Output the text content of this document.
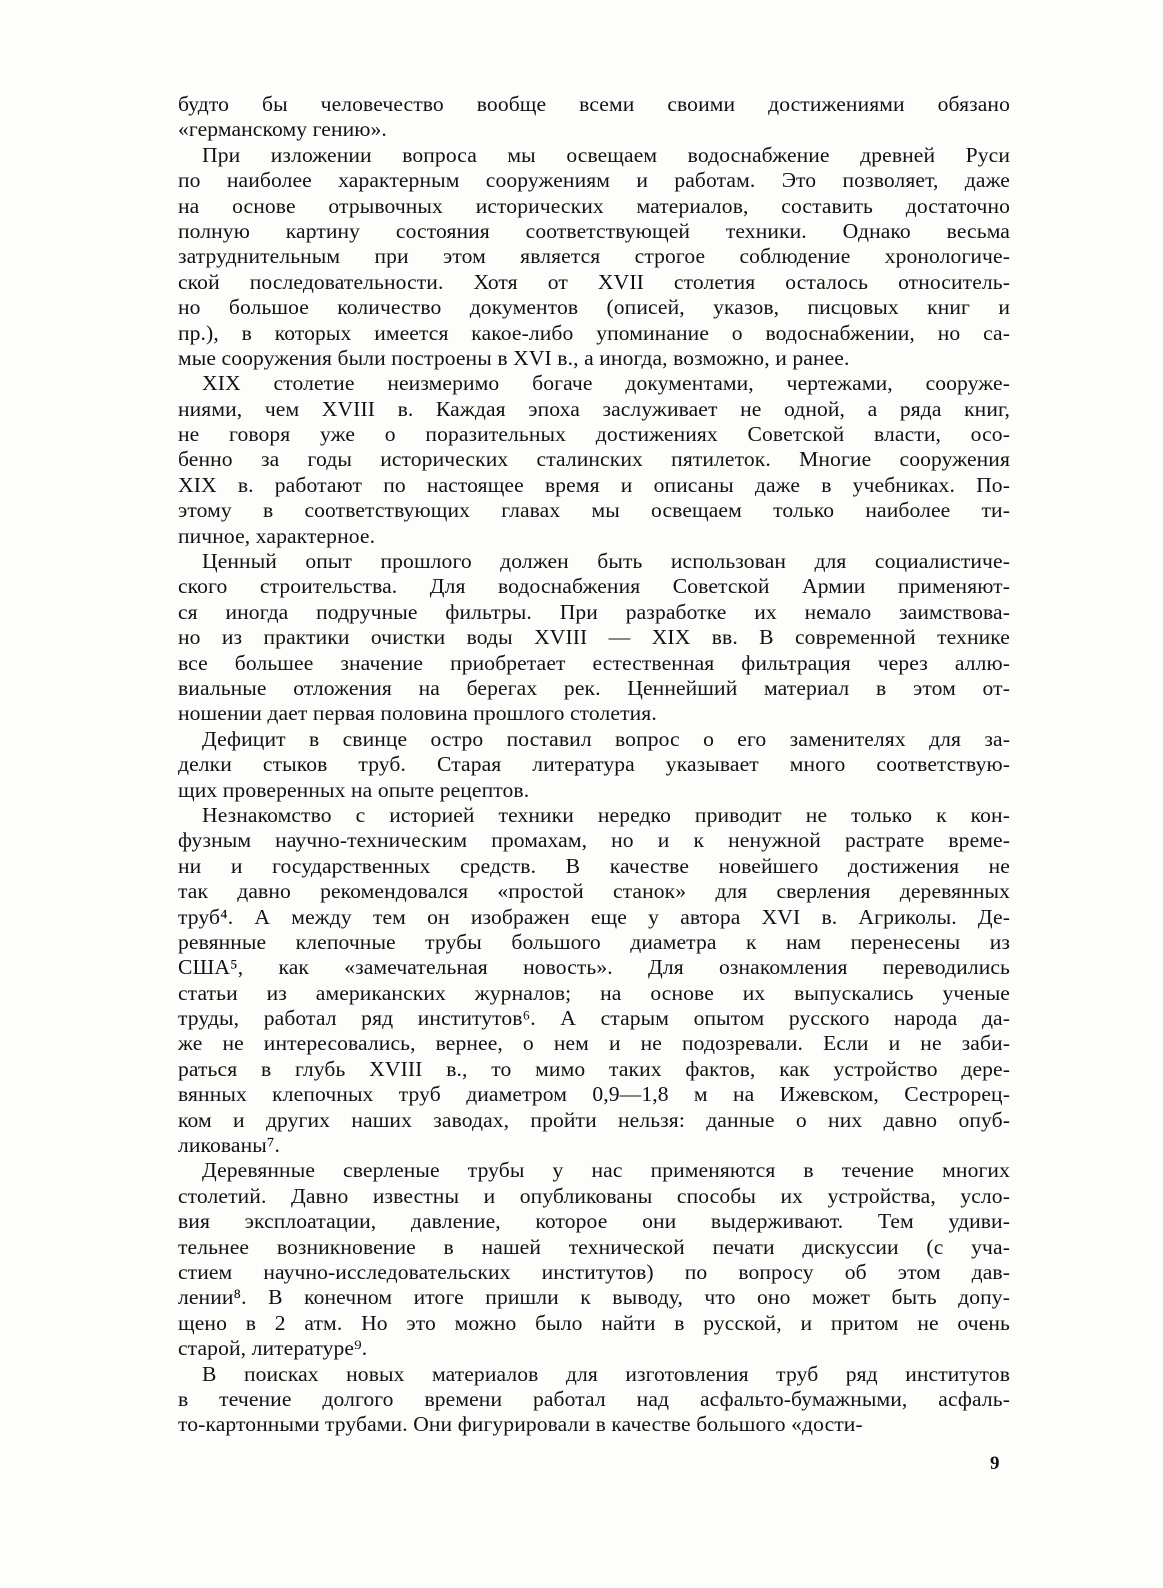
будто бы человечество вообще всеми своими достижениями обязано
«германскому гению».
При изложении вопроса мы освещаем водоснабжение древней Руси
по наиболее характерным сооружениям и работам. Это позволяет, даже
на основе отрывочных исторических материалов, составить достаточно
полную картину состояния соответствующей техники. Однако весьма
затруднительным при этом является строгое соблюдение хронологиче-
ской последовательности. Хотя от XVII столетия осталось относитель-
но большое количество документов (описей, указов, писцовых книг и
пр.), в которых имеется какое-либо упоминание о водоснабжении, но са-
мые сооружения были построены в XVI в., а иногда, возможно, и ранее.
XIX столетие неизмеримо богаче документами, чертежами, сооруже-
ниями, чем XVIII в. Каждая эпоха заслуживает не одной, а ряда книг,
не говоря уже о поразительных достижениях Советской власти, осо-
бенно за годы исторических сталинских пятилеток. Многие сооружения
XIX в. работают по настоящее время и описаны даже в учебниках. По-
этому в соответствующих главах мы освещаем только наиболее ти-
пичное, характерное.
Ценный опыт прошлого должен быть использован для социалистиче-
ского строительства. Для водоснабжения Советской Армии применяют-
ся иногда подручные фильтры. При разработке их немало заимствова-
но из практики очистки воды XVIII — XIX вв. В современной технике
все большее значение приобретает естественная фильтрация через аллю-
виальные отложения на берегах рек. Ценнейший материал в этом от-
ношении дает первая половина прошлого столетия.
Дефицит в свинце остро поставил вопрос о его заменителях для за-
делки стыков труб. Старая литература указывает много соответствую-
щих проверенных на опыте рецептов.
Незнакомство с историей техники нередко приводит не только к кон-
фузным научно-техническим промахам, но и к ненужной растрате време-
ни и государственных средств. В качестве новейшего достижения не
так давно рекомендовался «простой станок» для сверления деревянных
труб⁴. А между тем он изображен еще у автора XVI в. Агриколы. Де-
ревянные клепочные трубы большого диаметра к нам перенесены из
США⁵, как «замечательная новость». Для ознакомления переводились
статьи из американских журналов; на основе их выпускались ученые
труды, работал ряд институтов⁶. А старым опытом русского народа да-
же не интересовались, вернее, о нем и не подозревали. Если и не заби-
раться в глубь XVIII в., то мимо таких фактов, как устройство дере-
вянных клепочных труб диаметром 0,9—1,8 м на Ижевском, Сестрорец-
ком и других наших заводах, пройти нельзя: данные о них давно опуб-
ликованы⁷.
Деревянные сверленые трубы у нас применяются в течение многих
столетий. Давно известны и опубликованы способы их устройства, усло-
вия эксплоатации, давление, которое они выдерживают. Тем удиви-
тельнее возникновение в нашей технической печати дискуссии (с уча-
стием научно-исследовательских институтов) по вопросу об этом дав-
лении⁸. В конечном итоге пришли к выводу, что оно может быть допу-
щено в 2 атм. Но это можно было найти в русской, и притом не очень
старой, литературе⁹.
В поисках новых материалов для изготовления труб ряд институтов
в течение долгого времени работал над асфальто-бумажными, асфаль-
то-картонными трубами. Они фигурировали в качестве большого «дости-
9
